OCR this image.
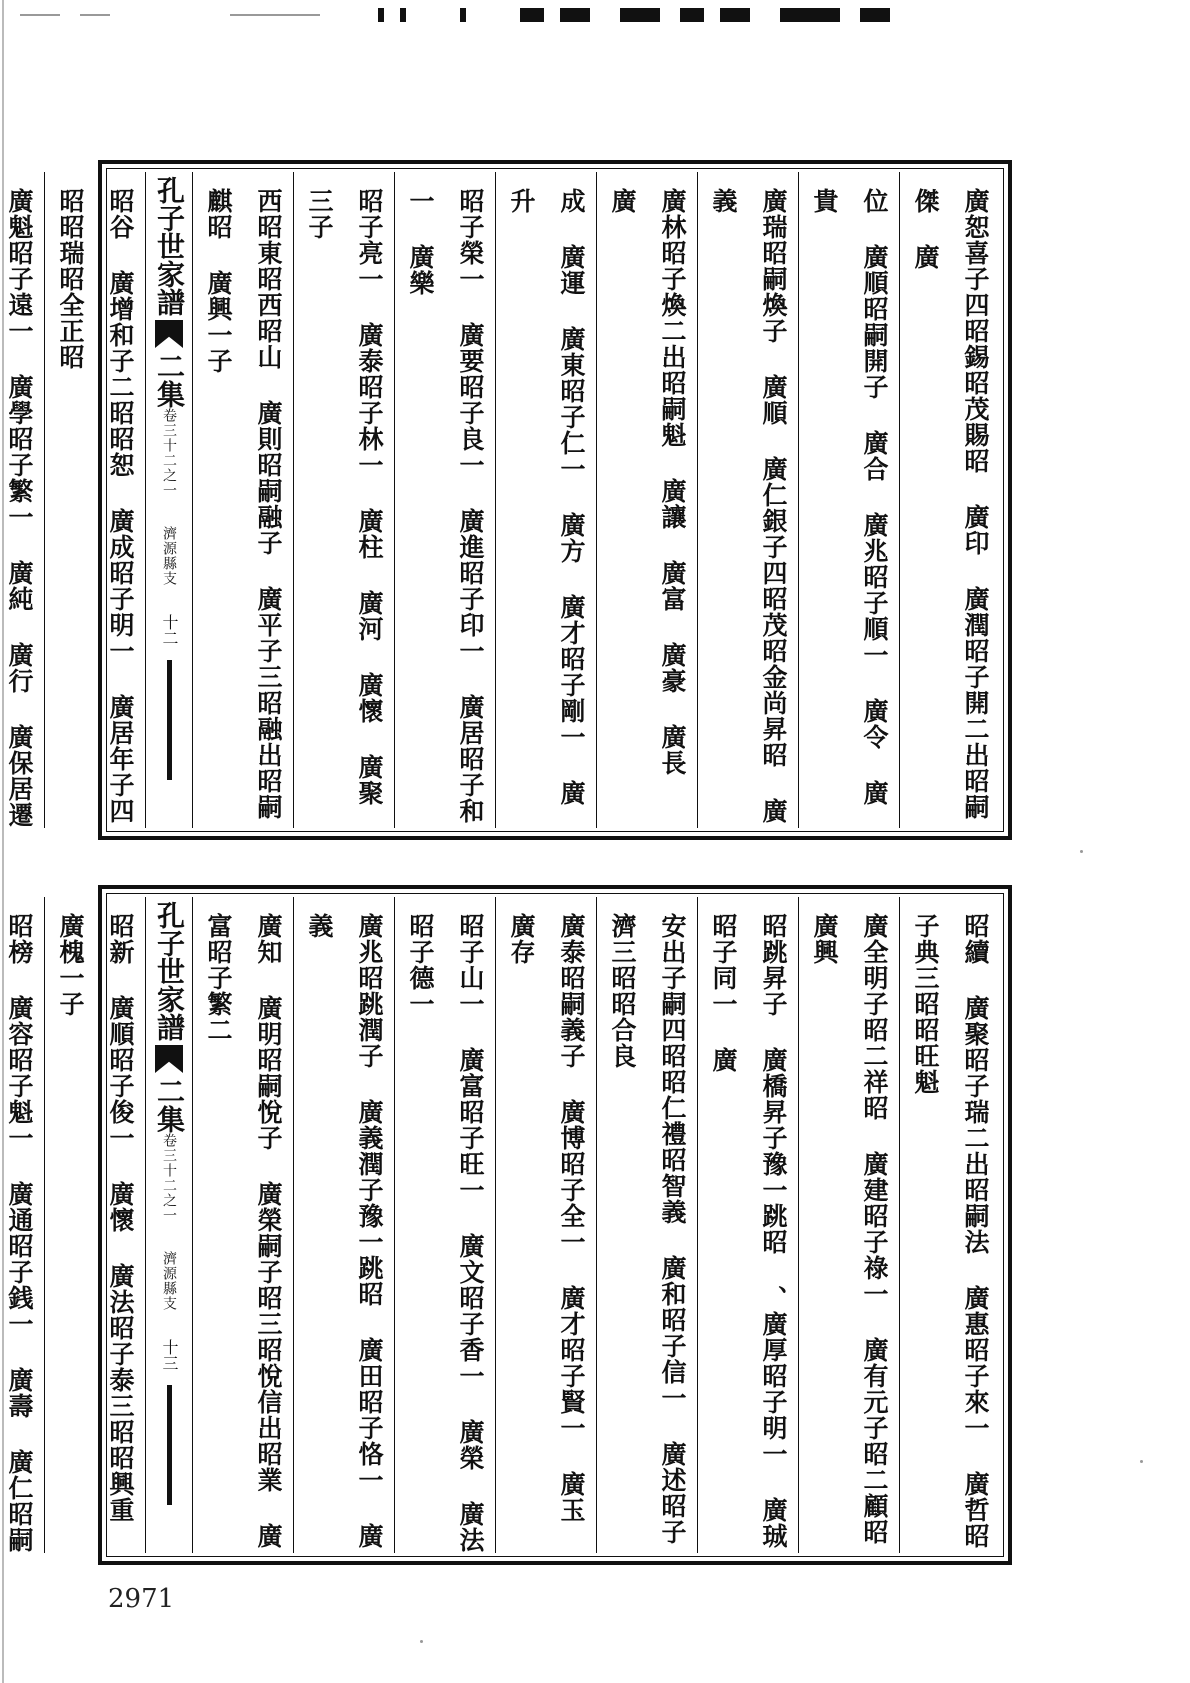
廣恕喜子四昭錫昭茂賜昭 廣印 廣潤昭子開二出昭嗣傑 廣
位 廣順昭嗣開子 廣合 廣兆昭子順一 廣令 廣貴
廣瑞昭嗣煥子 廣順 廣仁銀子四昭茂昭金尚昇昭 廣義
廣林昭子煥二出昭嗣魁 廣讓 廣富 廣豪 廣長 廣
成 廣運 廣東昭子仁一 廣方 廣才昭子剛一 廣升
昭子榮一 廣要昭子良一 廣進昭子印一 廣居昭子和一 廣樂
昭子亮一 廣泰昭子林一 廣柱 廣河 廣懷 廣聚三子
西昭東昭西昭山 廣則昭嗣融子 廣平子三昭融出昭嗣麒昭 廣興一子
孔子世家譜二集卷三十二之一　濟源縣支　十二
昭谷 廣增和子二昭昭恕 廣成昭子明一 廣居年子四昭昭瑞昭全正昭
廣魁昭子遠一 廣學昭子繁一 廣純 廣行 廣保居遷
昭續 廣聚昭子瑞二出昭嗣法 廣惠昭子來一 廣哲昭子典三昭昭旺魁
廣全明子昭二祥昭 廣建昭子祿一 廣有元子昭二顧昭 廣興
昭跳昇子 廣橋昇子豫一跳昭 、廣厚昭子明一 廣珹昭子同一 廣
安出子嗣四昭昭仁禮昭智義 廣和昭子信一 廣述昭子濟三昭昭合良
廣泰昭嗣義子 廣博昭子全一 廣才昭子賢一 廣玉 廣存
昭子山一 廣富昭子旺一 廣文昭子香一 廣榮 廣法昭子德一
廣兆昭跳潤子 廣義潤子豫一跳昭 廣田昭子恪一 廣義
廣知 廣明昭嗣悅子 廣榮嗣子昭三昭悅信出昭業 廣富昭子繁二
孔子世家譜二集卷三十二之一　濟源縣支　十三
昭新 廣順昭子俊一 廣懷 廣法昭子泰三昭昭興重 廣槐一子
昭榜 廣容昭子魁一 廣通昭子銭一 廣壽 廣仁昭嗣
2971
